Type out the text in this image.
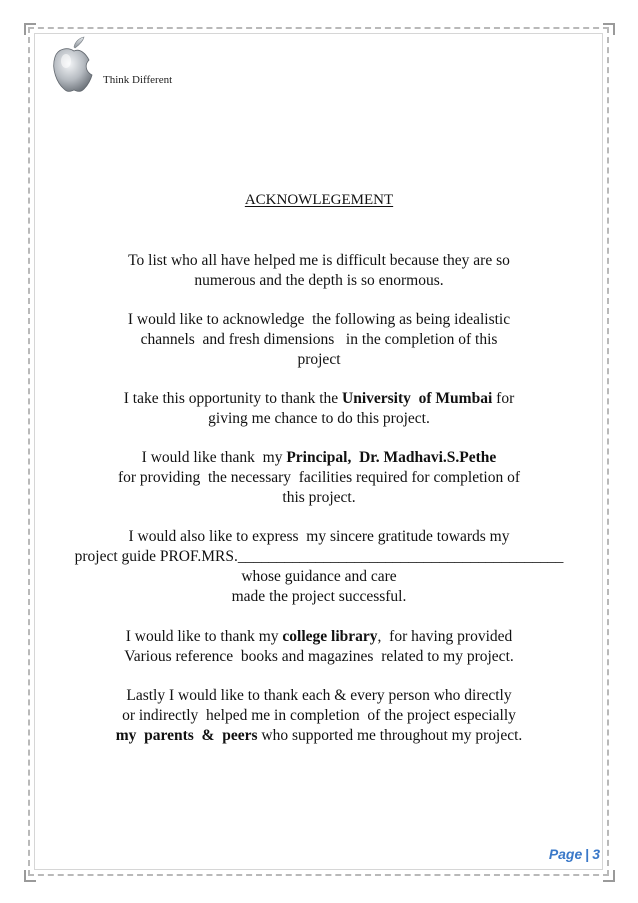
Think Different
ACKNOWLEGEMENT
To list who all have helped me is difficult because they are so
numerous and the depth is so enormous.
I would like to acknowledge  the following as being idealistic
channels  and fresh dimensions   in the completion of this
project
I take this opportunity to thank the University  of Mumbai for
giving me chance to do this project.
I would like thank  my Principal,  Dr. Madhavi.S.Pethe
for providing  the necessary  facilities required for completion of
this project.
I would also like to express  my sincere gratitude towards my
project guide PROF.MRS.__________________________________________
whose guidance and care
made the project successful.
I would like to thank my college library,  for having provided
Various reference  books and magazines  related to my project.
Lastly I would like to thank each & every person who directly
or indirectly  helped me in completion  of the project especially
my  parents  &  peers who supported me throughout my project.
Page | 3
